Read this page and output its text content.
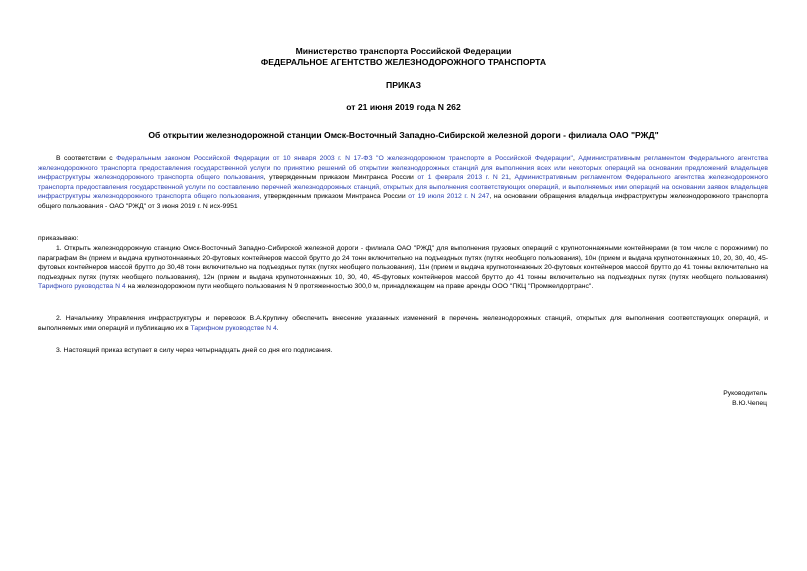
Министерство транспорта Российской Федерации
ФЕДЕРАЛЬНОЕ АГЕНТСТВО ЖЕЛЕЗНОДОРОЖНОГО ТРАНСПОРТА
ПРИКАЗ
от 21 июня 2019 года N 262
Об открытии железнодорожной станции Омск-Восточный Западно-Сибирской железной дороги - филиала ОАО "РЖД"
В соответствии с Федеральным законом Российской Федерации от 10 января 2003 г. N 17-ФЗ "О железнодорожном транспорте в Российской Федерации", Административным регламентом Федерального агентства железнодорожного транспорта предоставления государственной услуги по принятию решений об открытии железнодорожных станций для выполнения всех или некоторых операций на основании предложений владельцев инфраструктуры железнодорожного транспорта общего пользования, утвержденным приказом Минтранса России от 1 февраля 2013 г. N 21, Административным регламентом Федерального агентства железнодорожного транспорта предоставления государственной услуги по составлению перечней железнодорожных станций, открытых для выполнения соответствующих операций, и выполняемых ими операций на основании заявок владельцев инфраструктуры железнодорожного транспорта общего пользования, утвержденным приказом Минтранса России от 19 июля 2012 г. N 247, на основании обращения владельца инфраструктуры железнодорожного транспорта общего пользования - ОАО "РЖД" от 3 июня 2019 г. N исх-9951
приказываю:
1. Открыть железнодорожную станцию Омск-Восточный Западно-Сибирской железной дороги - филиала ОАО "РЖД" для выполнения грузовых операций с крупнотоннажными контейнерами (в том числе с порожними) по параграфам 8н (прием и выдача крупнотоннажных 20-футовых контейнеров массой брутто до 24 тонн включительно на подъездных путях (путях необщего пользования), 10н (прием и выдача крупнотоннажных 10, 20, 30, 40, 45-футовых контейнеров массой брутто до 30,48 тонн включительно на подъездных путях (путях необщего пользования), 11н (прием и выдача крупнотоннажных 20-футовых контейнеров массой брутто до 41 тонны включительно на подъездных путях (путях необщего пользования), 12н (прием и выдача крупнотоннажных 10, 30, 40, 45-футовых контейнеров массой брутто до 41 тонны включительно на подъездных путях (путях необщего пользования) Тарифного руководства N 4 на железнодорожном пути необщего пользования N 9 протяженностью 300,0 м, принадлежащем на праве аренды ООО "ПКЦ "Промжелдортранс".
2. Начальнику Управления инфраструктуры и перевозок В.А.Крупину обеспечить внесение указанных изменений в перечень железнодорожных станций, открытых для выполнения соответствующих операций, и выполняемых ими операций и публикацию их в Тарифном руководстве N 4.
3. Настоящий приказ вступает в силу через четырнадцать дней со дня его подписания.
Руководитель
В.Ю.Чепец
